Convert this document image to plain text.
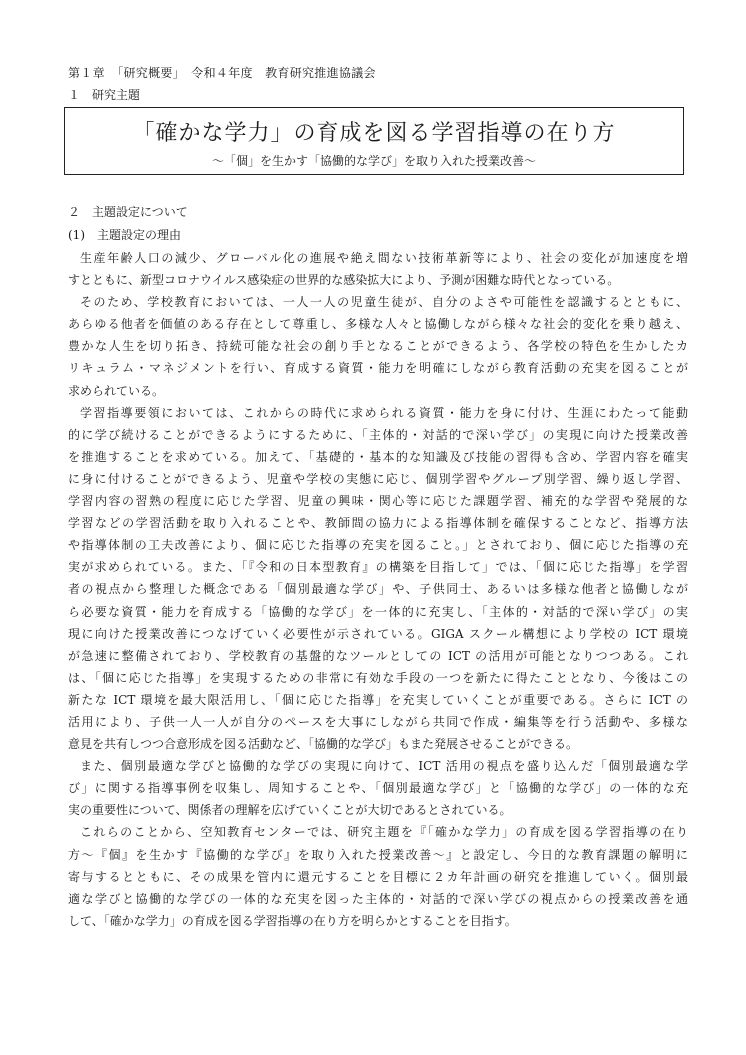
第１章　「研究概要」　令和４年度　教育研究推進協議会
１　研究主題
「確かな学力」の育成を図る学習指導の在り方
〜「個」を生かす「協働的な学び」を取り入れた授業改善〜
２　主題設定について
(1)　主題設定の理由
生産年齢人口の減少、グローバル化の進展や絶え間ない技術革新等により、社会の変化が加速度を増
すとともに、新型コロナウイルス感染症の世界的な感染拡大により、予測が困難な時代となっている。
そのため、学校教育においては、一人一人の児童生徒が、自分のよさや可能性を認識するとともに、
あらゆる他者を価値のある存在として尊重し、多様な人々と協働しながら様々な社会的変化を乗り越え、
豊かな人生を切り拓き、持続可能な社会の創り手となることができるよう、各学校の特色を生かしたカ
リキュラム・マネジメントを行い、育成する資質・能力を明確にしながら教育活動の充実を図ることが
求められている。
学習指導要領においては、これからの時代に求められる資質・能力を身に付け、生涯にわたって能動
的に学び続けることができるようにするために、「主体的・対話的で深い学び」の実現に向けた授業改善
を推進することを求めている。加えて、「基礎的・基本的な知識及び技能の習得も含め、学習内容を確実
に身に付けることができるよう、児童や学校の実態に応じ、個別学習やグループ別学習、繰り返し学習、
学習内容の習熟の程度に応じた学習、児童の興味・関心等に応じた課題学習、補充的な学習や発展的な
学習などの学習活動を取り入れることや、教師間の協力による指導体制を確保することなど、指導方法
や指導体制の工夫改善により、個に応じた指導の充実を図ること。」とされており、個に応じた指導の充
実が求められている。また、「『令和の日本型教育』の構築を目指して」では、「個に応じた指導」を学習
者の視点から整理した概念である「個別最適な学び」や、子供同士、あるいは多様な他者と協働しなが
ら必要な資質・能力を育成する「協働的な学び」を一体的に充実し、「主体的・対話的で深い学び」の実
現に向けた授業改善につなげていく必要性が示されている。GIGA スクール構想により学校の ICT 環境
が急速に整備されており、学校教育の基盤的なツールとしての ICT の活用が可能となりつつある。これ
は、「個に応じた指導」を実現するための非常に有効な手段の一つを新たに得たこととなり、今後はこの
新たな ICT 環境を最大限活用し、「個に応じた指導」を充実していくことが重要である。さらに ICT の
活用により、子供一人一人が自分のペースを大事にしながら共同で作成・編集等を行う活動や、多様な
意見を共有しつつ合意形成を図る活動など、「協働的な学び」もまた発展させることができる。
また、個別最適な学びと協働的な学びの実現に向けて、ICT 活用の視点を盛り込んだ「個別最適な学
び」に関する指導事例を収集し、周知することや、「個別最適な学び」と「協働的な学び」の一体的な充
実の重要性について、関係者の理解を広げていくことが大切であるとされている。
これらのことから、空知教育センターでは、研究主題を『「確かな学力」の育成を図る学習指導の在り
方〜『個』を生かす『協働的な学び』を取り入れた授業改善〜』と設定し、今日的な教育課題の解明に
寄与するとともに、その成果を管内に還元することを目標に２カ年計画の研究を推進していく。個別最
適な学びと協働的な学びの一体的な充実を図った主体的・対話的で深い学びの視点からの授業改善を通
して、「確かな学力」の育成を図る学習指導の在り方を明らかとすることを目指す。
